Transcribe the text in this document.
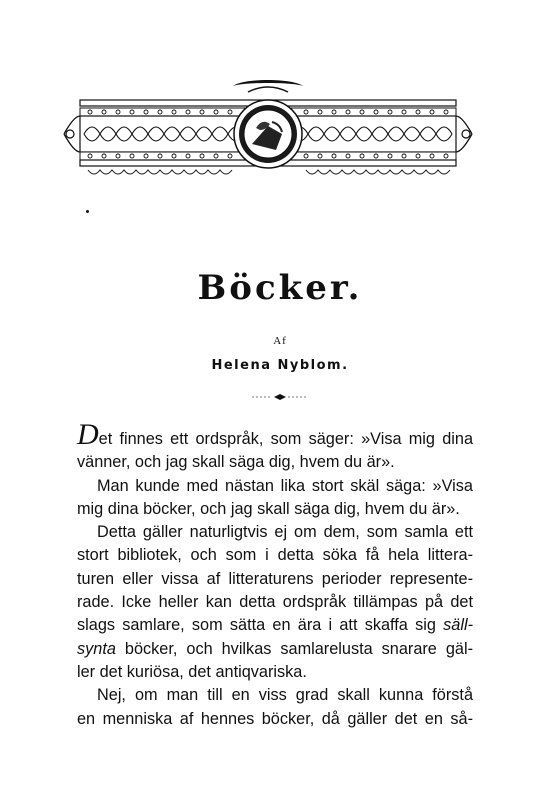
Böcker.
Af
Helena Nyblom.
Det finnes ett ordspråk, som säger: »Visa mig dina
vänner, och jag skall säga dig, hvem du är».
Man kunde med nästan lika stort skäl säga: »Visa
mig dina böcker, och jag skall säga dig, hvem du är».
Detta gäller naturligtvis ej om dem, som samla ett
stort bibliotek, och som i detta söka få hela littera-
turen eller vissa af litteraturens perioder represente-
rade. Icke heller kan detta ordspråk tillämpas på det
slags samlare, som sätta en ära i att skaffa sig säll-
synta böcker, och hvilkas samlarelusta snarare gäl-
ler det kuriösa, det antiqvariska.
Nej, om man till en viss grad skall kunna förstå
en menniska af hennes böcker, då gäller det en så-
